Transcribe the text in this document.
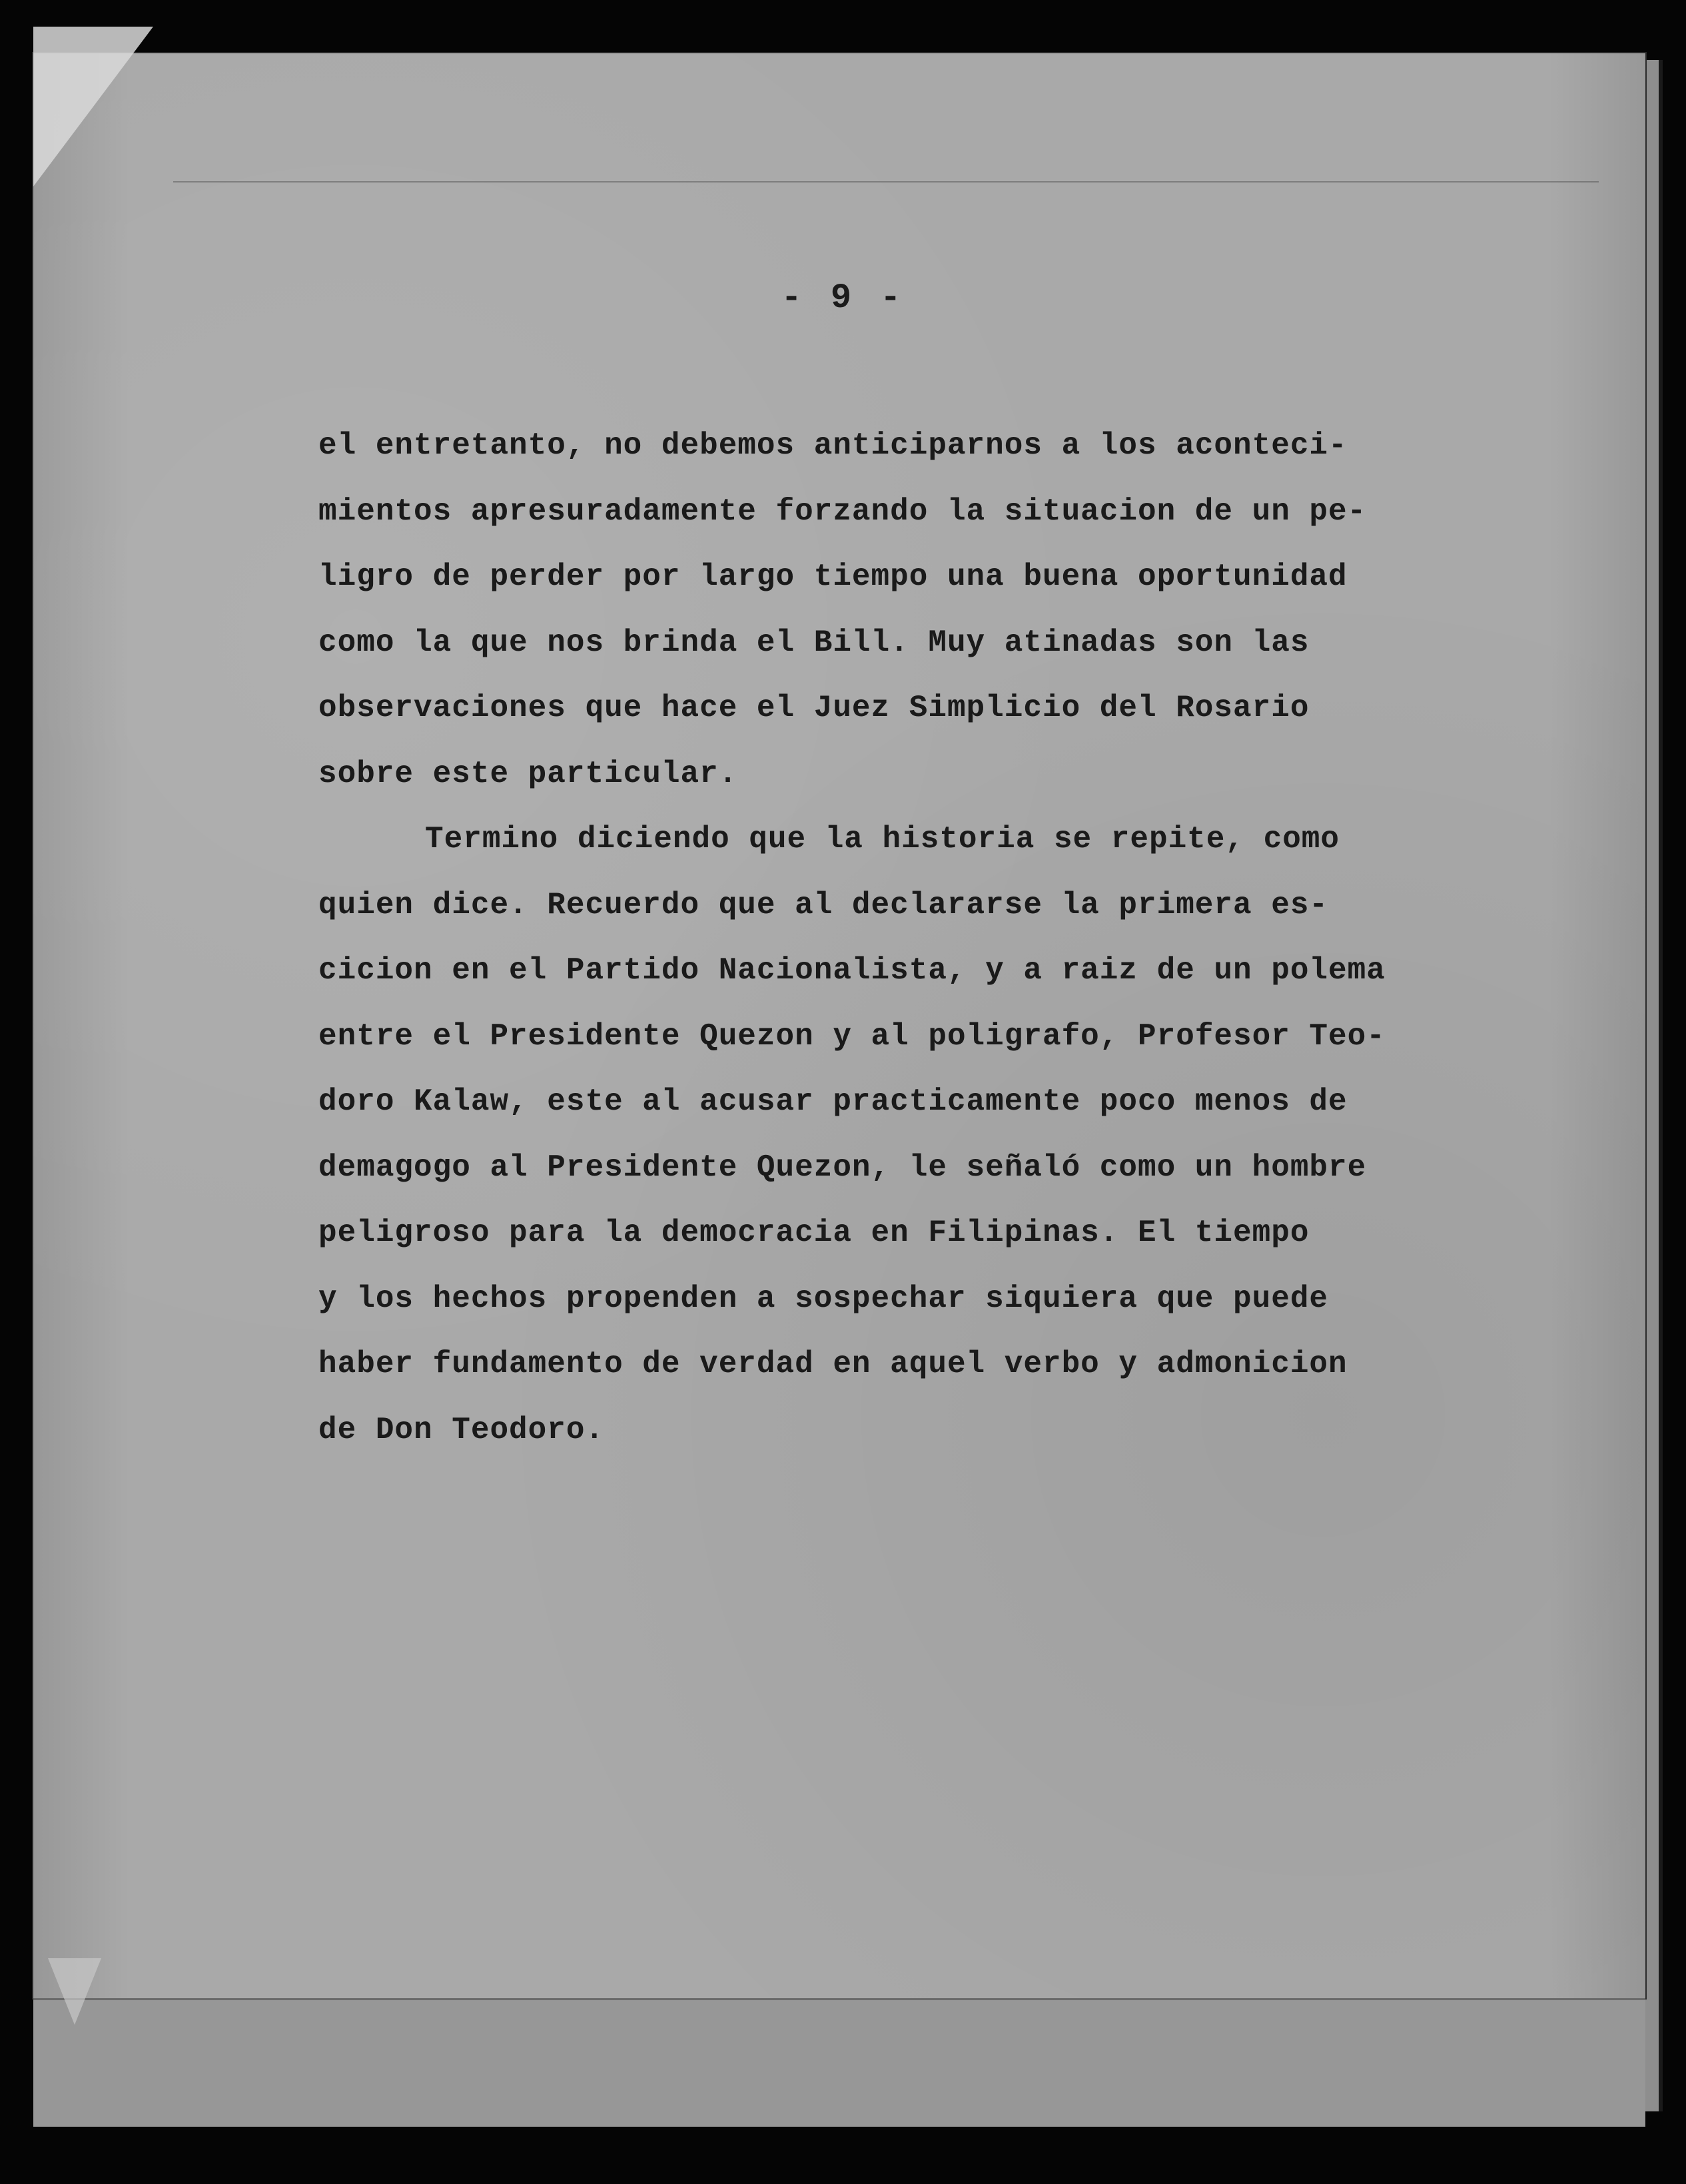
- 9 -
el entretanto, no debemos anticiparnos a los aconteci-
mientos apresuradamente forzando la situacion de un pe-
ligro de perder por largo tiempo una buena oportunidad
como la que nos brinda el Bill. Muy atinadas son las
observaciones que hace el Juez Simplicio del Rosario
sobre este particular.
Termino diciendo que la historia se repite, como
quien dice. Recuerdo que al declararse la primera es-
cicion en el Partido Nacionalista, y a raiz de un polema
entre el Presidente Quezon y al poligrafo, Profesor Teo-
doro Kalaw, este al acusar practicamente poco menos de
demagogo al Presidente Quezon, le señaló como un hombre
peligroso para la democracia en Filipinas. El tiempo
y los hechos propenden a sospechar siquiera que puede
haber fundamento de verdad en aquel verbo y admonicion
de Don Teodoro.
